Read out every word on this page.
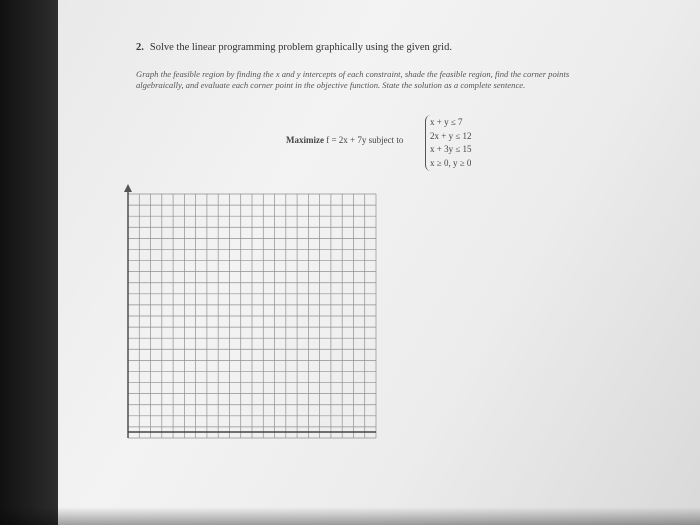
2. Solve the linear programming problem graphically using the given grid.
Graph the feasible region by finding the x and y intercepts of each constraint, shade the feasible region, find the corner points
algebraically, and evaluate each corner point in the objective function. State the solution as a complete sentence.
Maximize f = 2x + 7y subject to
x + y ≤ 7
2x + y ≤ 12
x + 3y ≤ 15
x ≥ 0, y ≥ 0
